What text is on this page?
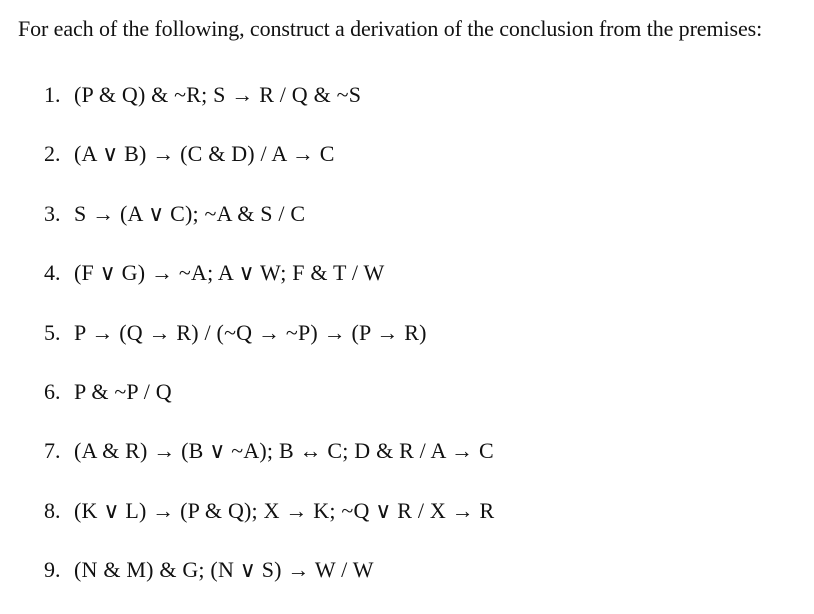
For each of the following, construct a derivation of the conclusion from the premises:

1. (P & Q) & ~R; S → R / Q & ~S
2. (A ∨ B) → (C & D) / A → C
3. S → (A ∨ C); ~A & S / C
4. (F ∨ G) → ~A; A ∨ W; F & T / W
5. P → (Q → R) / (~Q → ~P) → (P → R)
6. P & ~P / Q
7. (A & R) → (B ∨ ~A); B ↔ C; D & R / A → C
8. (K ∨ L) → (P & Q); X → K; ~Q ∨ R / X → R
9. (N & M) & G; (N ∨ S) → W / W
